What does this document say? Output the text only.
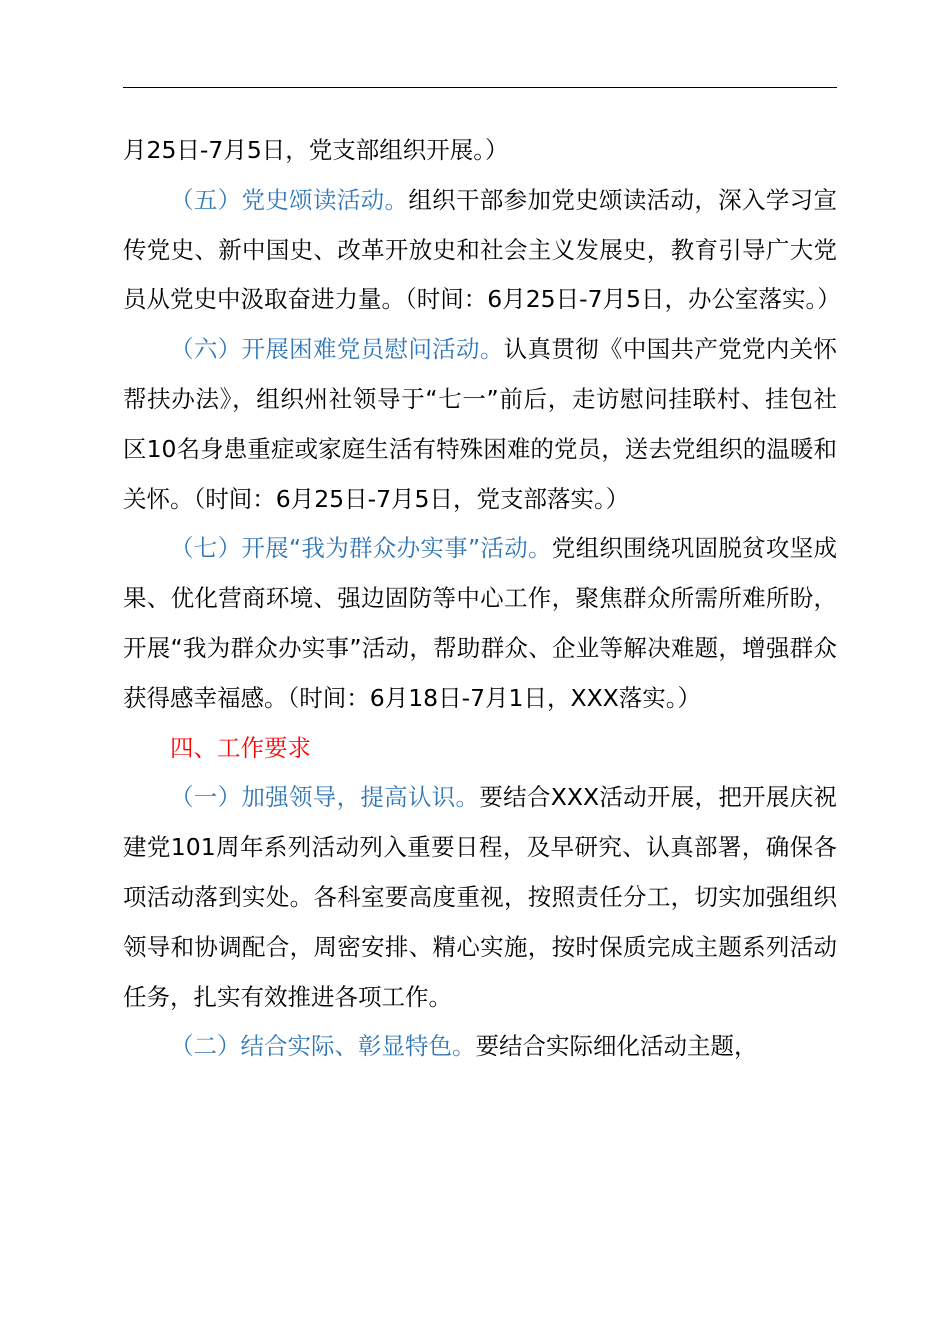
月25日-7月5日，党支部组织开展。）

（五）党史颂读活动。组织干部参加党史颂读活动，深入学习宣传党史、新中国史、改革开放史和社会主义发展史，教育引导广大党员从党史中汲取奋进力量。（时间：6月25日-7月5日，办公室落实。）

（六）开展困难党员慰问活动。认真贯彻《中国共产党党内关怀帮扶办法》，组织州社领导于“七一”前后，走访慰问挂联村、挂包社区10名身患重症或家庭生活有特殊困难的党员，送去党组织的温暖和关怀。（时间：6月25日-7月5日，党支部落实。）

（七）开展“我为群众办实事”活动。党组织围绕巩固脱贫攻坚成果、优化营商环境、强边固防等中心工作，聚焦群众所需所难所盼，开展“我为群众办实事”活动，帮助群众、企业等解决难题，增强群众获得感幸福感。（时间：6月18日-7月1日，XXX落实。）

四、工作要求

（一）加强领导，提高认识。要结合XXX活动开展，把开展庆祝建党101周年系列活动列入重要日程，及早研究、认真部署，确保各项活动落到实处。各科室要高度重视，按照责任分工，切实加强组织领导和协调配合，周密安排、精心实施，按时保质完成主题系列活动任务，扎实有效推进各项工作。

（二）结合实际、彰显特色。要结合实际细化活动主题，
